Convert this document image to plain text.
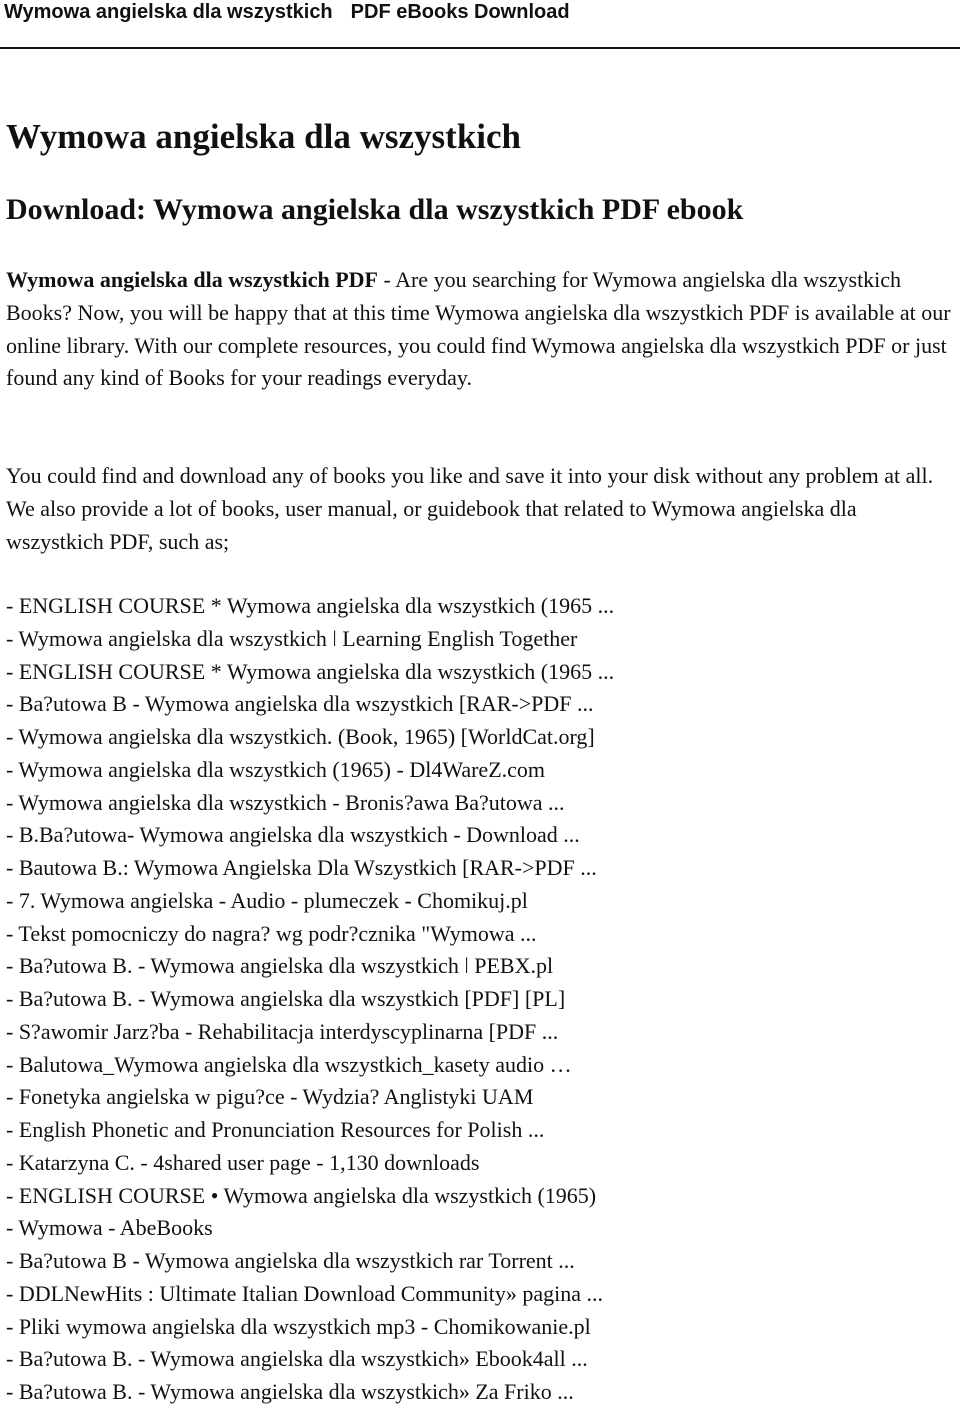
Wymowa angielska dla wszystkich PDF eBooks Download
Wymowa angielska dla wszystkich
Download: Wymowa angielska dla wszystkich PDF ebook

Wymowa angielska dla wszystkich PDF - Are you searching for Wymowa angielska dla wszystkich Books? Now, you will be happy that at this time Wymowa angielska dla wszystkich PDF is available at our online library. With our complete resources, you could find Wymowa angielska dla wszystkich PDF or just found any kind of Books for your readings everyday.

You could find and download any of books you like and save it into your disk without any problem at all. We also provide a lot of books, user manual, or guidebook that related to Wymowa angielska dla wszystkich PDF, such as;

- ENGLISH COURSE * Wymowa angielska dla wszystkich (1965 ...
- Wymowa angielska dla wszystkich ǀ Learning English Together
- ENGLISH COURSE * Wymowa angielska dla wszystkich (1965 ...
- Ba?utowa B - Wymowa angielska dla wszystkich [RAR->PDF ...
- Wymowa angielska dla wszystkich. (Book, 1965) [WorldCat.org]
- Wymowa angielska dla wszystkich (1965) - Dl4WareZ.com
- Wymowa angielska dla wszystkich - Bronis?awa Ba?utowa ...
- B.Ba?utowa- Wymowa angielska dla wszystkich - Download ...
- Bautowa B.: Wymowa Angielska Dla Wszystkich [RAR->PDF ...
- 7. Wymowa angielska - Audio - plumeczek - Chomikuj.pl
- Tekst pomocniczy do nagra? wg podr?cznika "Wymowa ...
- Ba?utowa B. - Wymowa angielska dla wszystkich ǀ PEBX.pl
- Ba?utowa B. - Wymowa angielska dla wszystkich [PDF] [PL]
- S?awomir Jarz?ba - Rehabilitacja interdyscyplinarna [PDF ...
- Balutowa_Wymowa angielska dla wszystkich_kasety audio …
- Fonetyka angielska w pigu?ce - Wydzia? Anglistyki UAM
- English Phonetic and Pronunciation Resources for Polish ...
- Katarzyna C. - 4shared user page - 1,130 downloads
- ENGLISH COURSE • Wymowa angielska dla wszystkich (1965)
- Wymowa - AbeBooks
- Ba?utowa B - Wymowa angielska dla wszystkich rar Torrent ...
- DDLNewHits : Ultimate Italian Download Community» pagina ...
- Pliki wymowa angielska dla wszystkich mp3 - Chomikowanie.pl
- Ba?utowa B. - Wymowa angielska dla wszystkich» Ebook4all ...
- Ba?utowa B. - Wymowa angielska dla wszystkich» Za Friko ...
